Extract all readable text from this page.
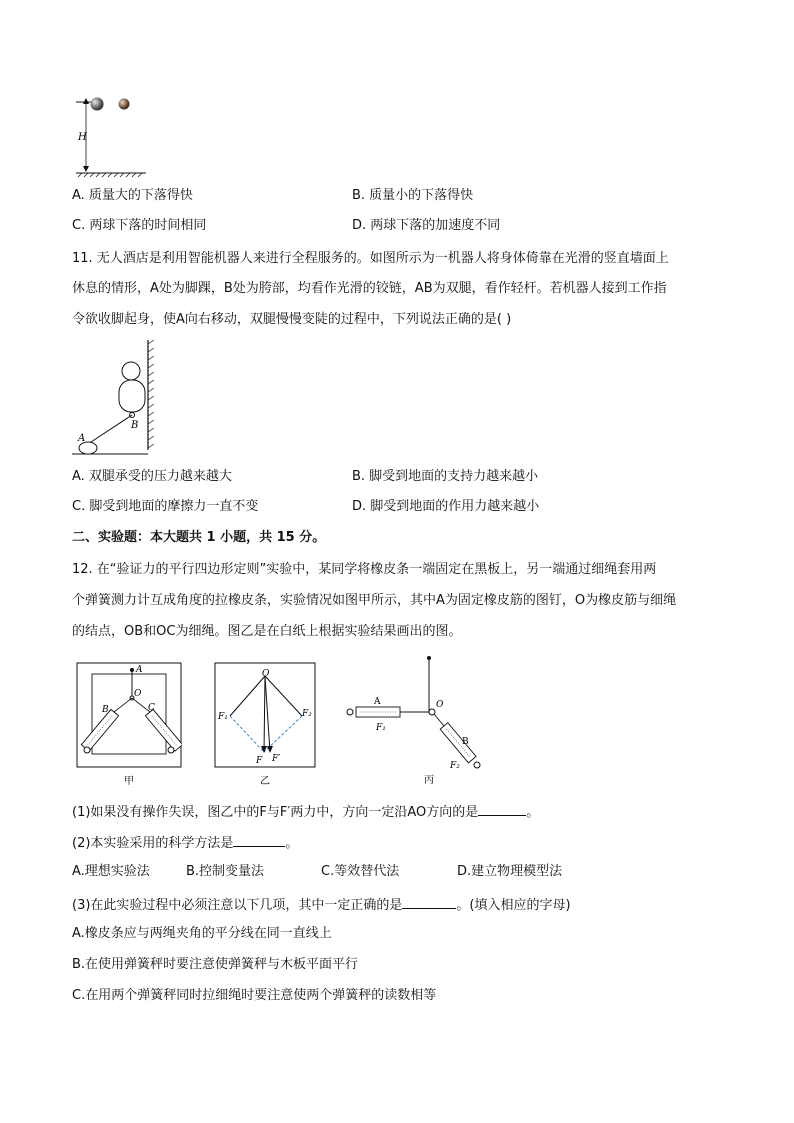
H
A. 质量大的下落得快	B. 质量小的下落得快
C. 两球下落的时间相同	D. 两球下落的加速度不同
11. 无人酒店是利用智能机器人来进行全程服务的。如图所示为一机器人将身体倚靠在光滑的竖直墙面上
休息的情形，A处为脚踝，B处为胯部，均看作光滑的铰链，AB为双腿，看作轻杆。若机器人接到工作指
令欲收脚起身，使A向右移动，双腿慢慢变陡的过程中，下列说法正确的是( )
A
B
A. 双腿承受的压力越来越大	B. 脚受到地面的支持力越来越小
C. 脚受到地面的摩擦力一直不变	D. 脚受到地面的作用力越来越小
二、实验题：本大题共 1 小题，共 15 分。
12. 在“验证力的平行四边形定则”实验中，某同学将橡皮条一端固定在黑板上，另一端通过细绳套用两
个弹簧测力计互成角度的拉橡皮条，实验情况如图甲所示，其中A为固定橡皮筋的图钉，O为橡皮筋与细绳
的结点，OB和OC为细绳。图乙是在白纸上根据实验结果画出的图。
A
O
B	C
甲
O
F₁	F₂
F F′
乙
A	O
F₁
B
F₂
丙
(1)如果没有操作失误，图乙中的F与F′两力中，方向一定沿AO方向的是	。
(2)本实验采用的科学方法是	。
A.理想实验法	B.控制变量法	C.等效替代法	D.建立物理模型法
(3)在此实验过程中必须注意以下几项，其中一定正确的是	。(填入相应的字母)
A.橡皮条应与两绳夹角的平分线在同一直线上
B.在使用弹簧秤时要注意使弹簧秤与木板平面平行
C.在用两个弹簧秤同时拉细绳时要注意使两个弹簧秤的读数相等
